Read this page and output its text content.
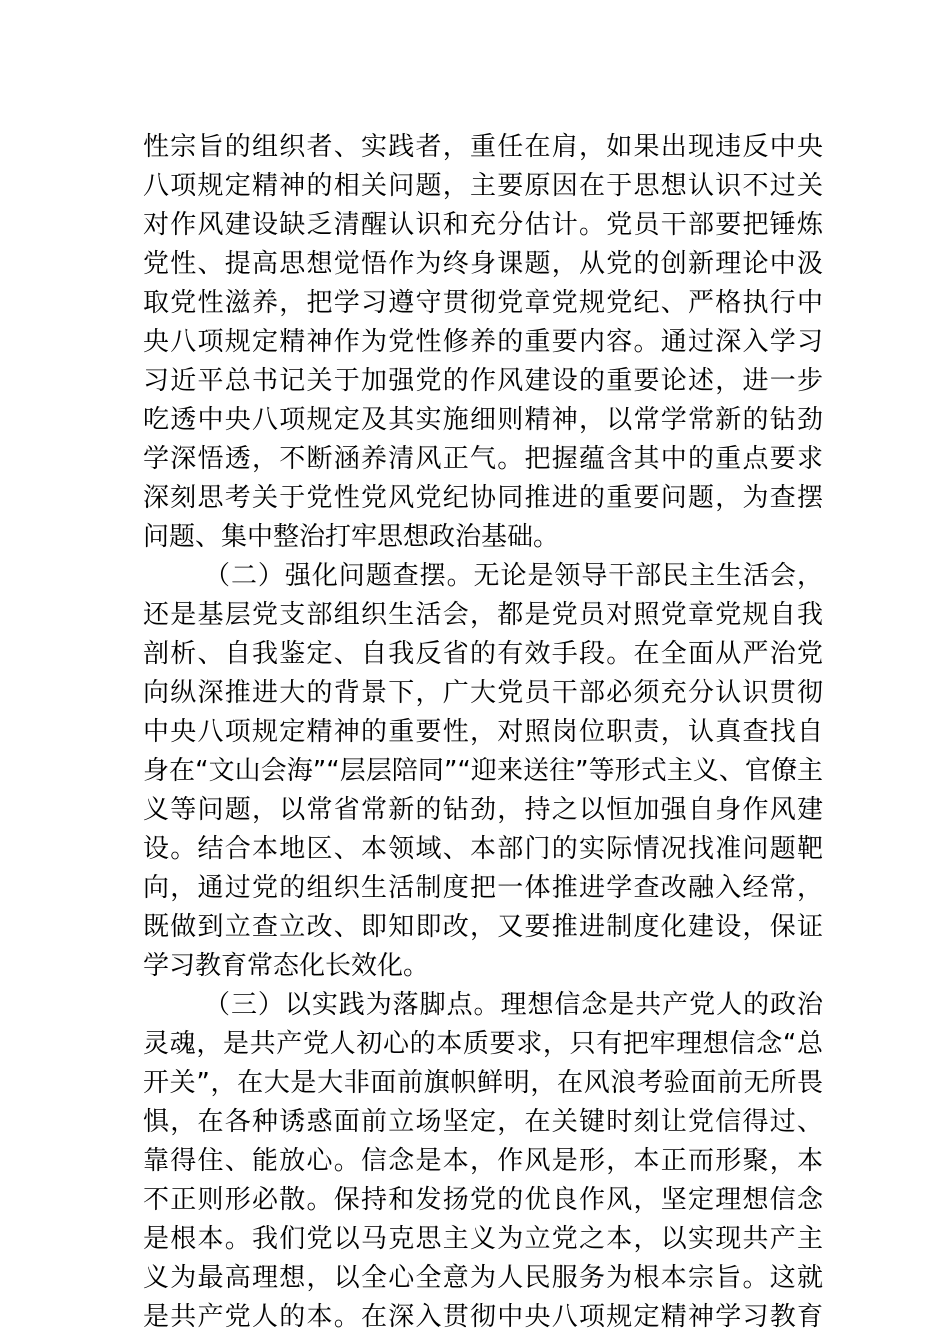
性宗旨的组织者、实践者，重任在肩，如果出现违反中央
八项规定精神的相关问题，主要原因在于思想认识不过关
对作风建设缺乏清醒认识和充分估计。党员干部要把锤炼
党性、提高思想觉悟作为终身课题，从党的创新理论中汲
取党性滋养，把学习遵守贯彻党章党规党纪、严格执行中
央八项规定精神作为党性修养的重要内容。通过深入学习
习近平总书记关于加强党的作风建设的重要论述，进一步
吃透中央八项规定及其实施细则精神，以常学常新的钻劲
学深悟透，不断涵养清风正气。把握蕴含其中的重点要求
深刻思考关于党性党风党纪协同推进的重要问题，为查摆
问题、集中整治打牢思想政治基础。
（二）强化问题查摆。无论是领导干部民主生活会，
还是基层党支部组织生活会，都是党员对照党章党规自我
剖析、自我鉴定、自我反省的有效手段。在全面从严治党
向纵深推进大的背景下，广大党员干部必须充分认识贯彻
中央八项规定精神的重要性，对照岗位职责，认真查找自
身在“文山会海”“层层陪同”“迎来送往”等形式主义、官僚主
义等问题，以常省常新的钻劲，持之以恒加强自身作风建
设。结合本地区、本领域、本部门的实际情况找准问题靶
向，通过党的组织生活制度把一体推进学查改融入经常，
既做到立查立改、即知即改，又要推进制度化建设，保证
学习教育常态化长效化。
（三）以实践为落脚点。理想信念是共产党人的政治
灵魂，是共产党人初心的本质要求，只有把牢理想信念“总
开关”，在大是大非面前旗帜鲜明，在风浪考验面前无所畏
惧，在各种诱惑面前立场坚定，在关键时刻让党信得过、
靠得住、能放心。信念是本，作风是形，本正而形聚，本
不正则形必散。保持和发扬党的优良作风，坚定理想信念
是根本。我们党以马克思主义为立党之本，以实现共产主
义为最高理想，以全心全意为人民服务为根本宗旨。这就
是共产党人的本。在深入贯彻中央八项规定精神学习教育
